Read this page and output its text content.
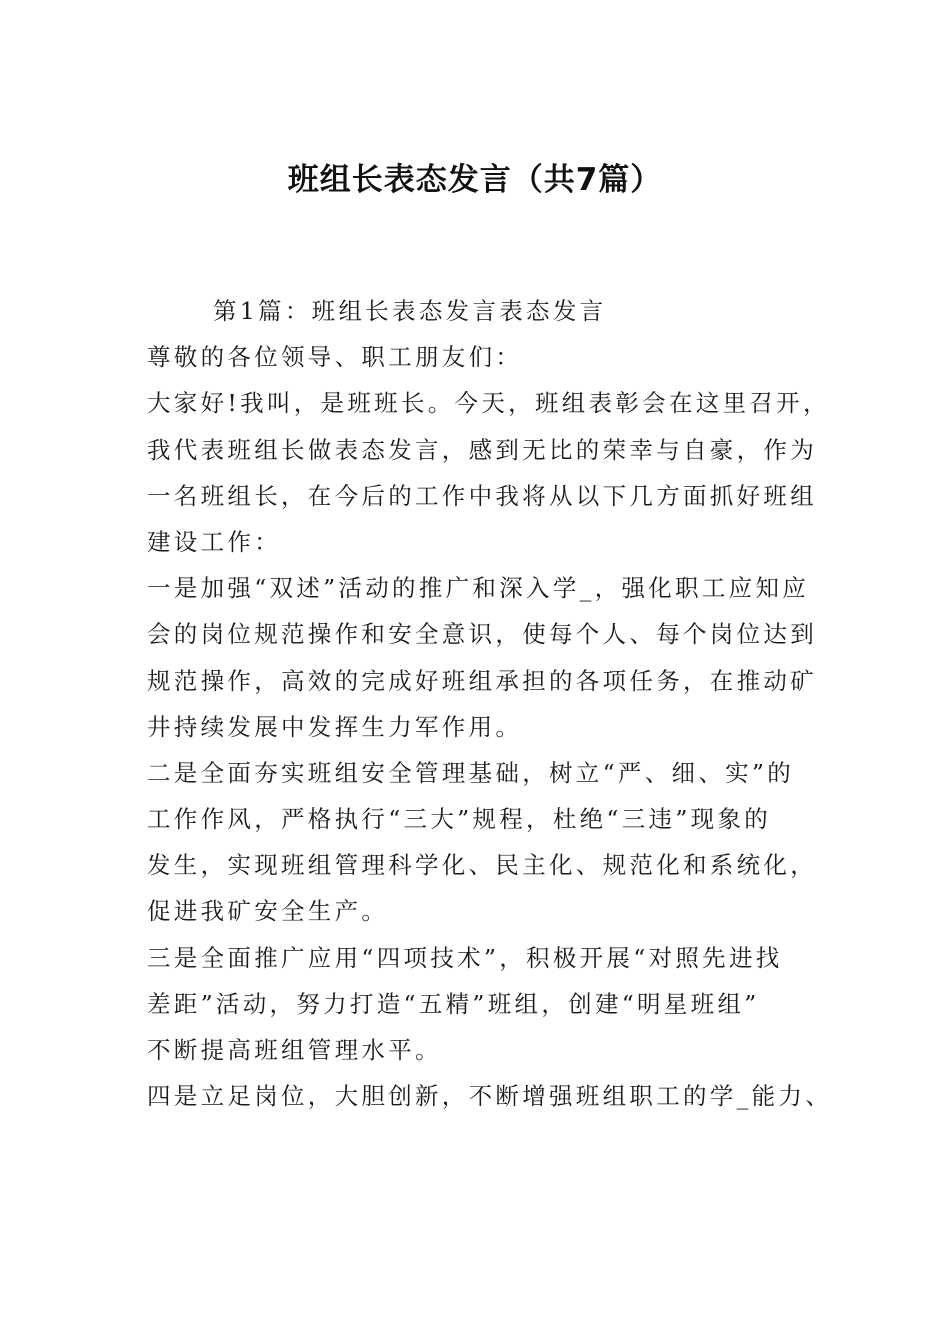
班组长表态发言（共7篇）
第1篇：班组长表态发言表态发言
尊敬的各位领导、职工朋友们：
大家好!我叫，是班班长。今天，班组表彰会在这里召开，
我代表班组长做表态发言，感到无比的荣幸与自豪，作为
一名班组长，在今后的工作中我将从以下几方面抓好班组
建设工作：
一是加强“双述”活动的推广和深入学_，强化职工应知应
会的岗位规范操作和安全意识，使每个人、每个岗位达到
规范操作，高效的完成好班组承担的各项任务，在推动矿
井持续发展中发挥生力军作用。
二是全面夯实班组安全管理基础，树立“严、细、实”的
工作作风，严格执行“三大”规程，杜绝“三违”现象的
发生，实现班组管理科学化、民主化、规范化和系统化，
促进我矿安全生产。
三是全面推广应用“四项技术”，积极开展“对照先进找
差距”活动，努力打造“五精”班组，创建“明星班组”
不断提高班组管理水平。
四是立足岗位，大胆创新，不断增强班组职工的学_能力、
